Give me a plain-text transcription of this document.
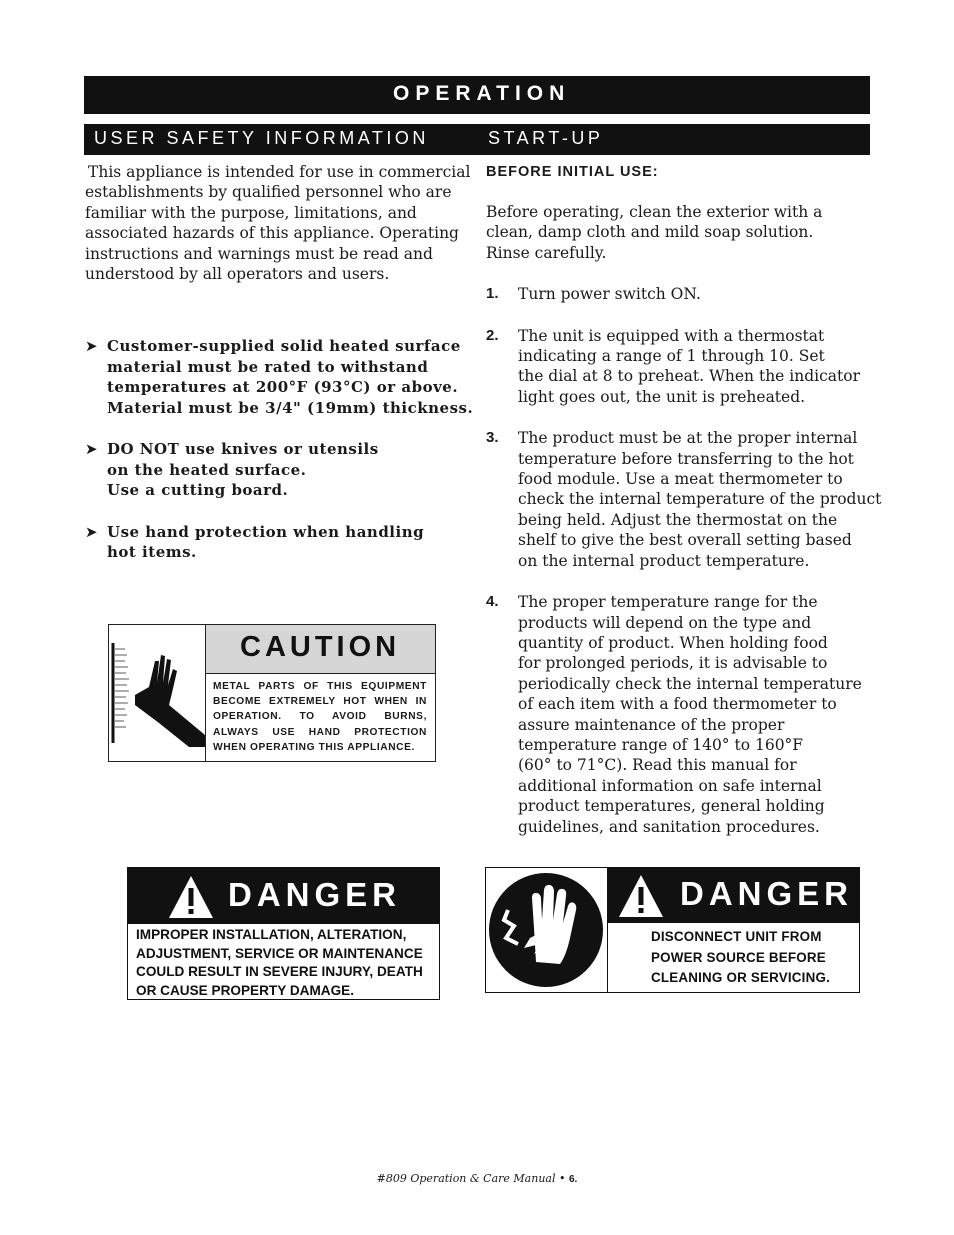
OPERATION
USER SAFETY INFORMATION	START-UP

This appliance is intended for use in commercial
establishments by qualified personnel who are
familiar with the purpose, limitations, and
associated hazards of this appliance. Operating
instructions and warnings must be read and
understood by all operators and users.

➤ Customer-supplied solid heated surface
material must be rated to withstand
temperatures at 200°F (93°C) or above.
Material must be 3/4" (19mm) thickness.
➤ DO NOT use knives or utensils
on the heated surface.
Use a cutting board.
➤ Use hand protection when handling
hot items.

BEFORE INITIAL USE:

Before operating, clean the exterior with a
clean, damp cloth and mild soap solution.
Rinse carefully.

1. Turn power switch ON.

2. The unit is equipped with a thermostat
indicating a range of 1 through 10. Set
the dial at 8 to preheat. When the indicator
light goes out, the unit is preheated.

3. The product must be at the proper internal
temperature before transferring to the hot
food module. Use a meat thermometer to
check the internal temperature of the product
being held. Adjust the thermostat on the
shelf to give the best overall setting based
on the internal product temperature.

4. The proper temperature range for the
products will depend on the type and
quantity of product. When holding food
for prolonged periods, it is advisable to
periodically check the internal temperature
of each item with a food thermometer to
assure maintenance of the proper
temperature range of 140° to 160°F
(60° to 71°C). Read this manual for
additional information on safe internal
product temperatures, general holding
guidelines, and sanitation procedures.

CAUTION
METAL PARTS OF THIS EQUIPMENT BECOME EXTREMELY HOT WHEN IN OPERATION. TO AVOID BURNS, ALWAYS USE HAND PROTECTION WHEN OPERATING THIS APPLIANCE.
DANGER
IMPROPER INSTALLATION, ALTERATION,
ADJUSTMENT, SERVICE OR MAINTENANCE
COULD RESULT IN SEVERE INJURY, DEATH
OR CAUSE PROPERTY DAMAGE.
DANGER
DISCONNECT UNIT FROM
POWER SOURCE BEFORE
CLEANING OR SERVICING.
#809 Operation & Care Manual • 6.
